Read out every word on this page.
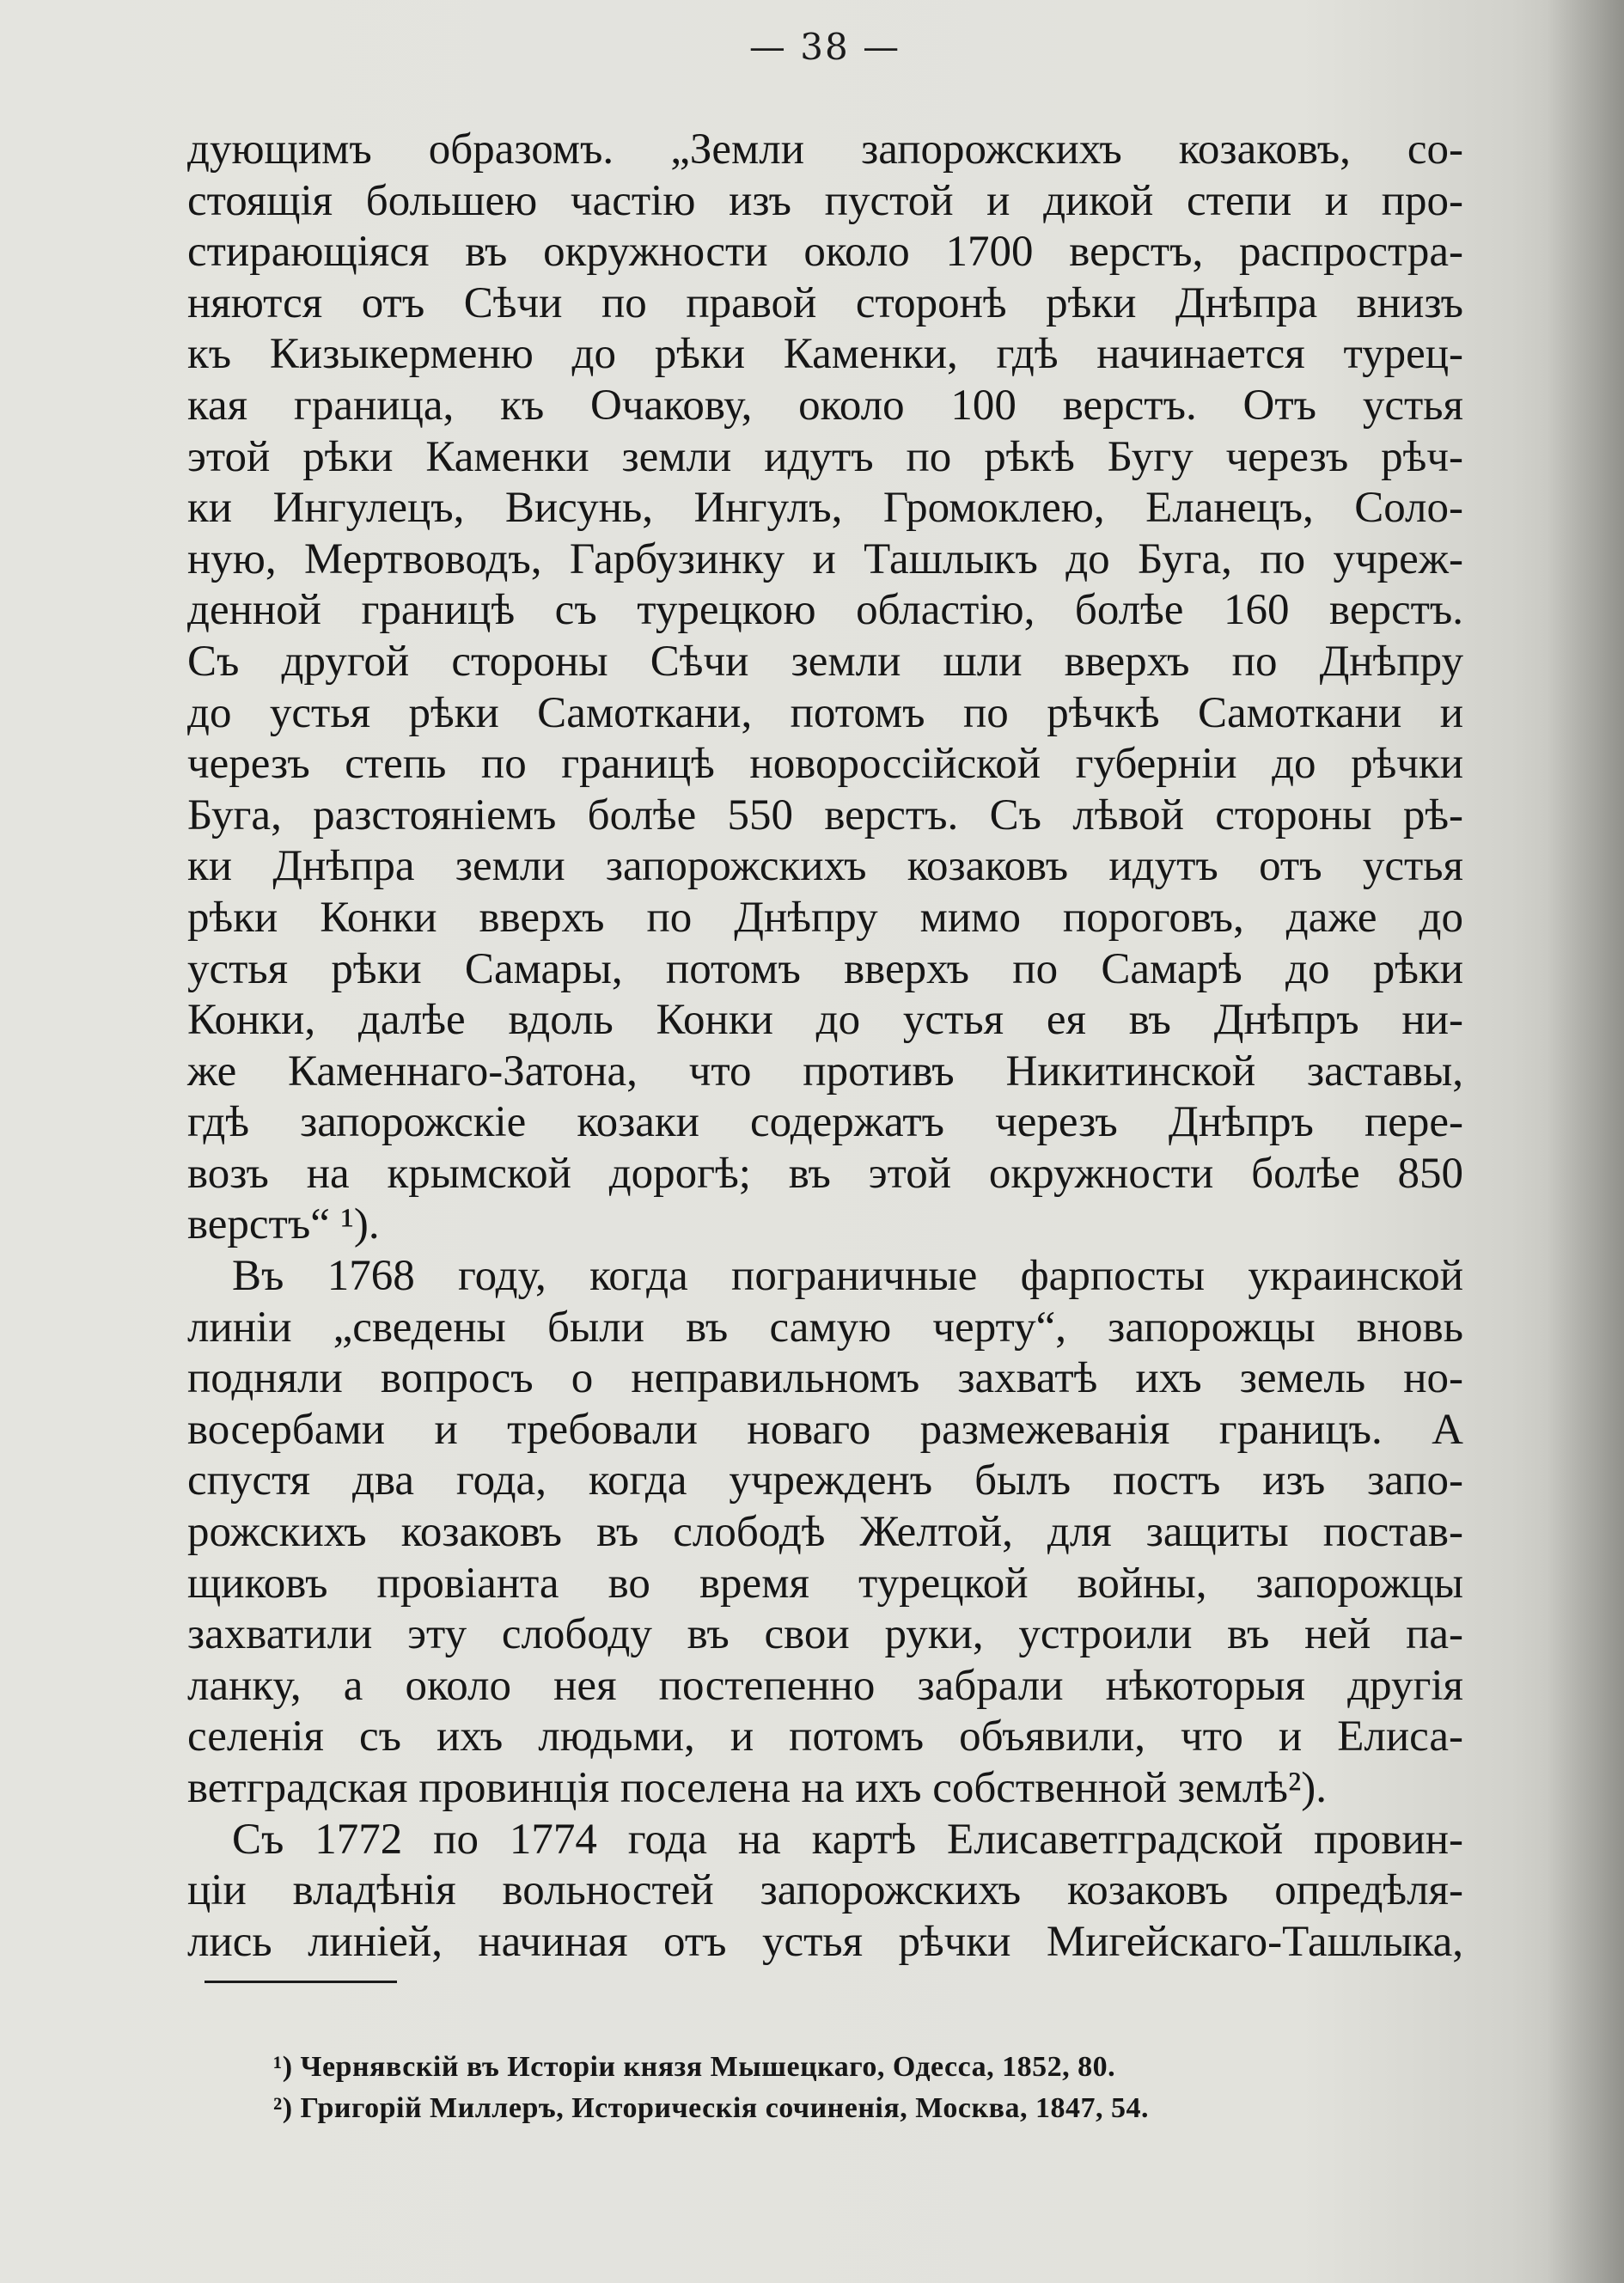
— 38 —
дующимъ образомъ. „Земли запорожскихъ козаковъ, со-
стоящія большею частію изъ пустой и дикой степи и про-
стирающіяся въ окружности около 1700 верстъ, распростра-
няются отъ Сѣчи по правой сторонѣ рѣки Днѣпра внизъ
къ Кизыкерменю до рѣки Каменки, гдѣ начинается турец-
кая граница, къ Очакову, около 100 верстъ. Отъ устья
этой рѣки Каменки земли идутъ по рѣкѣ Бугу черезъ рѣч-
ки Ингулецъ, Висунь, Ингулъ, Громоклею, Еланецъ, Соло-
ную, Мертвоводъ, Гарбузинку и Ташлыкъ до Буга, по учреж-
денной границѣ съ турецкою областію, болѣе 160 верстъ.
Съ другой стороны Сѣчи земли шли вверхъ по Днѣпру
до устья рѣки Самоткани, потомъ по рѣчкѣ Самоткани и
черезъ степь по границѣ новороссійской губерніи до рѣчки
Буга, разстояніемъ болѣе 550 верстъ. Съ лѣвой стороны рѣ-
ки Днѣпра земли запорожскихъ козаковъ идутъ отъ устья
рѣки Конки вверхъ по Днѣпру мимо пороговъ, даже до
устья рѣки Самары, потомъ вверхъ по Самарѣ до рѣки
Конки, далѣе вдоль Конки до устья ея въ Днѣпръ ни-
же Каменнаго-Затона, что противъ Никитинской заставы,
гдѣ запорожскіе козаки содержатъ черезъ Днѣпръ пере-
возъ на крымской дорогѣ; въ этой окружности болѣе 850
верстъ“ ¹).
Въ 1768 году, когда пограничные фарпосты украинской
линіи „сведены были въ самую черту“, запорожцы вновь
подняли вопросъ о неправильномъ захватѣ ихъ земель но-
восербами и требовали новаго размежеванія границъ. А
спустя два года, когда учрежденъ былъ постъ изъ запо-
рожскихъ козаковъ въ слободѣ Желтой, для защиты постав-
щиковъ провіанта во время турецкой войны, запорожцы
захватили эту слободу въ свои руки, устроили въ ней па-
ланку, а около нея постепенно забрали нѣкоторыя другія
селенія съ ихъ людьми, и потомъ объявили, что и Елиса-
ветградская провинція поселена на ихъ собственной землѣ²).
Съ 1772 по 1774 года на картѣ Елисаветградской провин-
ціи владѣнія вольностей запорожскихъ козаковъ опредѣля-
лись линіей, начиная отъ устья рѣчки Мигейскаго-Ташлыка,
¹) Чернявскій въ Исторіи князя Мышецкаго, Одесса, 1852, 80.
²) Григорій Миллеръ, Историческія сочиненія, Москва, 1847, 54.
